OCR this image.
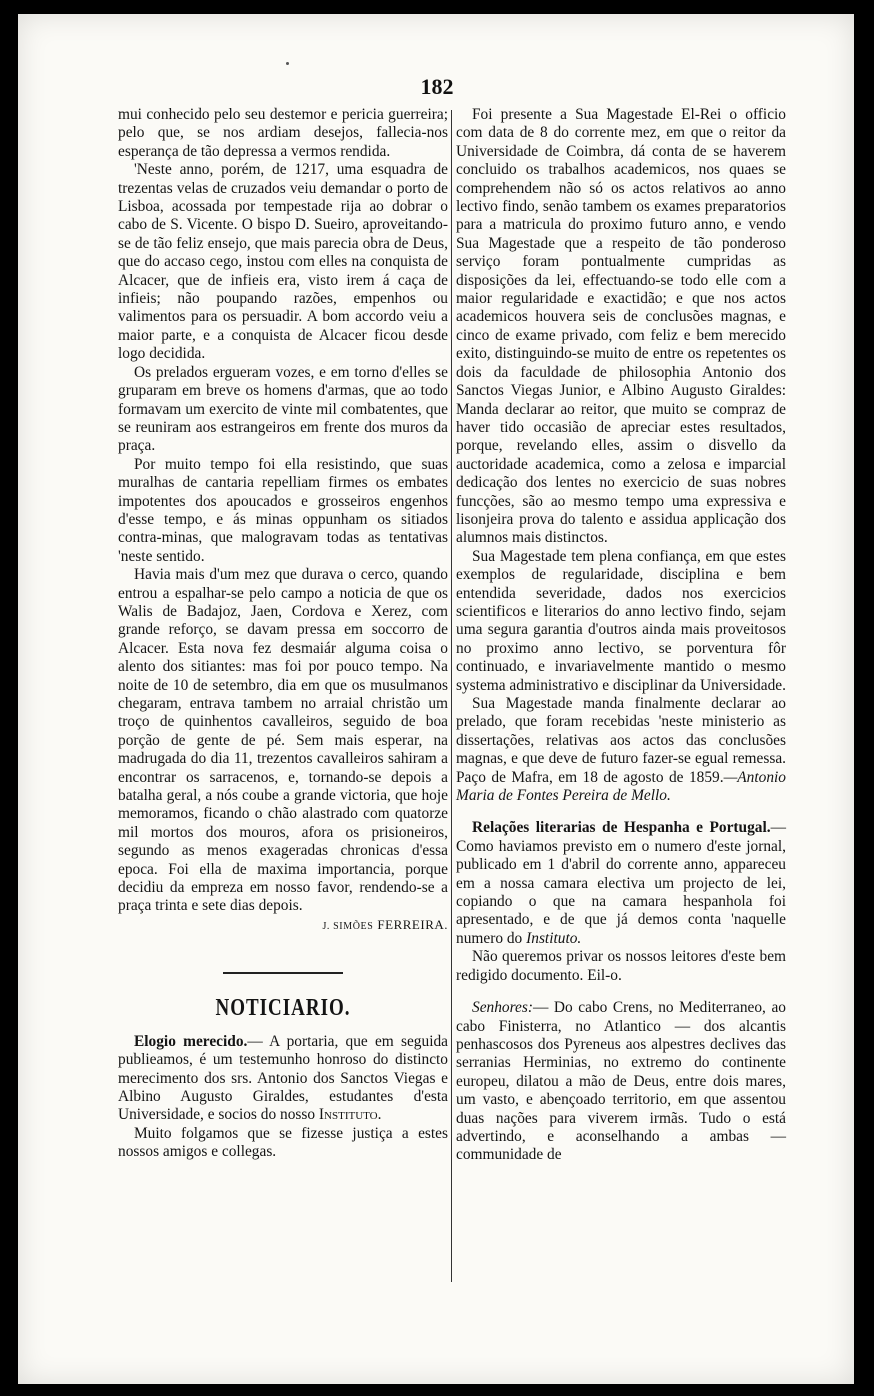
182

mui conhecido pelo seu destemor e pericia guerreira; pelo que, se nos ardiam desejos, fallecia-nos esperança de tão depressa a vermos rendida.

'Neste anno, porém, de 1217, uma esquadra de trezentas velas de cruzados veiu demandar o porto de Lisboa, acossada por tempestade rija ao dobrar o cabo de S. Vicente. O bispo D. Sueiro, aproveitando-se de tão feliz ensejo, que mais parecia obra de Deus, que do accaso cego, instou com elles na conquista de Alcacer, que de infieis era, visto irem á caça de infieis; não poupando razões, empenhos ou valimentos para os persuadir. A bom accordo veiu a maior parte, e a conquista de Alcacer ficou desde logo decidida.

Os prelados ergueram vozes, e em torno d'elles se gruparam em breve os homens d'armas, que ao todo formavam um exercito de vinte mil combatentes, que se reuniram aos estrangeiros em frente dos muros da praça.

Por muito tempo foi ella resistindo, que suas muralhas de cantaria repelliam firmes os embates impotentes dos apoucados e grosseiros engenhos d'esse tempo, e ás minas oppunham os sitiados contra-minas, que malogravam todas as tentativas 'neste sentido.

Havia mais d'um mez que durava o cerco, quando entrou a espalhar-se pelo campo a noticia de que os Walis de Badajoz, Jaen, Cordova e Xerez, com grande reforço, se davam pressa em soccorro de Alcacer. Esta nova fez desmaiár alguma coisa o alento dos sitiantes: mas foi por pouco tempo. Na noite de 10 de setembro, dia em que os musulmanos chegaram, entrava tambem no arraial christão um troço de quinhentos cavalleiros, seguido de boa porção de gente de pé. Sem mais esperar, na madrugada do dia 11, trezentos cavalleiros sahiram a encontrar os sarracenos, e, tornando-se depois a batalha geral, a nós coube a grande victoria, que hoje memoramos, ficando o chão alastrado com quatorze mil mortos dos mouros, afora os prisioneiros, segundo as menos exageradas chronicas d'essa epoca. Foi ella de maxima importancia, porque decidiu da empreza em nosso favor, rendendo-se a praça trinta e sete dias depois.

J. SIMÕES FERREIRA.

NOTICIARIO.

Elogio merecido.— A portaria, que em seguida publieamos, é um testemunho honroso do distincto merecimento dos srs. Antonio dos Sanctos Viegas e Albino Augusto Giraldes, estudantes d'esta Universidade, e socios do nosso Instituto.

Muito folgamos que se fizesse justiça a estes nossos amigos e collegas.

Foi presente a Sua Magestade El-Rei o officio com data de 8 do corrente mez, em que o reitor da Universidade de Coimbra, dá conta de se haverem concluido os trabalhos academicos, nos quaes se comprehendem não só os actos relativos ao anno lectivo findo, senão tambem os exames preparatorios para a matricula do proximo futuro anno, e vendo Sua Magestade que a respeito de tão ponderoso serviço foram pontualmente cumpridas as disposições da lei, effectuando-se todo elle com a maior regularidade e exactidão; e que nos actos academicos houvera seis de conclusões magnas, e cinco de exame privado, com feliz e bem merecido exito, distinguindo-se muito de entre os repetentes os dois da faculdade de philosophia Antonio dos Sanctos Viegas Junior, e Albino Augusto Giraldes: Manda declarar ao reitor, que muito se compraz de haver tido occasião de apreciar estes resultados, porque, revelando elles, assim o disvello da auctoridade academica, como a zelosa e imparcial dedicação dos lentes no exercicio de suas nobres funcções, são ao mesmo tempo uma expressiva e lisonjeira prova do talento e assidua applicação dos alumnos mais distinctos.

Sua Magestade tem plena confiança, em que estes exemplos de regularidade, disciplina e bem entendida severidade, dados nos exercicios scientificos e literarios do anno lectivo findo, sejam uma segura garantia d'outros ainda mais proveitosos no proximo anno lectivo, se porventura fôr continuado, e invariavelmente mantido o mesmo systema administrativo e disciplinar da Universidade.

Sua Magestade manda finalmente declarar ao prelado, que foram recebidas 'neste ministerio as dissertações, relativas aos actos das conclusões magnas, e que deve de futuro fazer-se egual remessa. Paço de Mafra, em 18 de agosto de 1859.—Antonio Maria de Fontes Pereira de Mello.

Relações literarias de Hespanha e Portugal.— Como haviamos previsto em o numero d'este jornal, publicado em 1 d'abril do corrente anno, appareceu em a nossa camara electiva um projecto de lei, copiando o que na camara hespanhola foi apresentado, e de que já demos conta 'naquelle numero do Instituto.

Não queremos privar os nossos leitores d'este bem redigido documento. Eil-o.

Senhores:— Do cabo Crens, no Mediterraneo, ao cabo Finisterra, no Atlantico — dos alcantis penhascosos dos Pyreneus aos alpestres declives das serranias Herminias, no extremo do continente europeu, dilatou a mão de Deus, entre dois mares, um vasto, e abençoado territorio, em que assentou duas nações para viverem irmãs. Tudo o está advertindo, e aconselhando a ambas — communidade de
